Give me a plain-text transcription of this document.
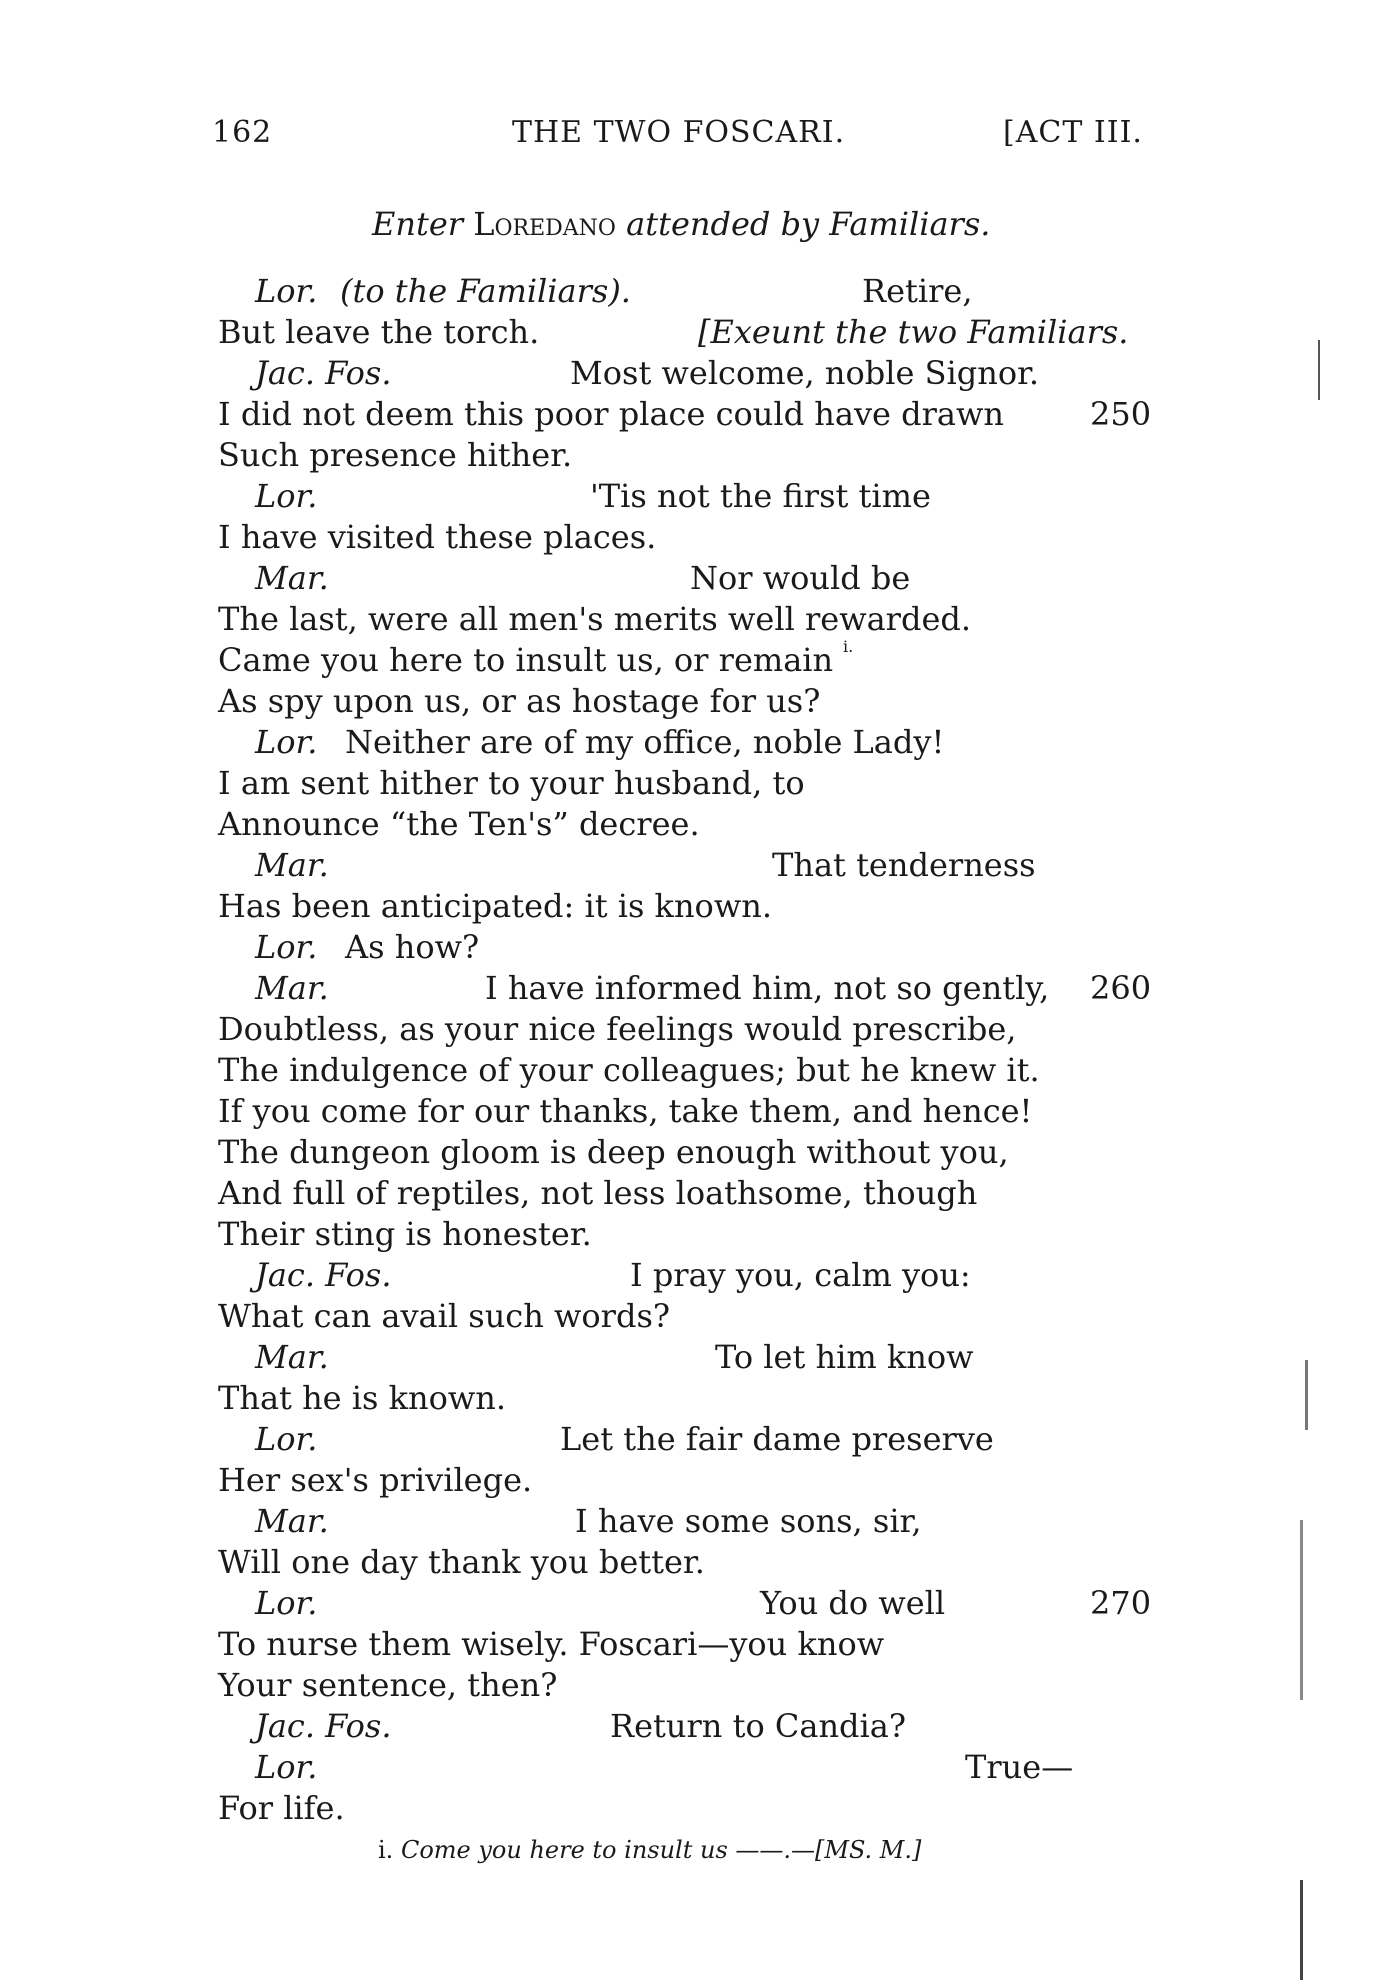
162	THE TWO FOSCARI.	[ACT III.
Enter Loredano attended by Familiars.
Lor. (to the Familiars).	Retire,
But leave the torch.	[Exeunt the two Familiars.
Jac. Fos.	Most welcome, noble Signor.
I did not deem this poor place could have drawn	250
Such presence hither.
Lor.	'Tis not the first time
I have visited these places.
Mar.	Nor would be
The last, were all men's merits well rewarded.
Came you here to insult us, or remain i.
As spy upon us, or as hostage for us?
Lor. Neither are of my office, noble Lady!
I am sent hither to your husband, to
Announce “the Ten's” decree.
Mar.	That tenderness
Has been anticipated: it is known.
Lor. As how?
Mar.	I have informed him, not so gently, 260
Doubtless, as your nice feelings would prescribe,
The indulgence of your colleagues; but he knew it.
If you come for our thanks, take them, and hence!
The dungeon gloom is deep enough without you,
And full of reptiles, not less loathsome, though
Their sting is honester.
Jac. Fos.	I pray you, calm you:
What can avail such words?
Mar.	To let him know
That he is known.
Lor.	Let the fair dame preserve
Her sex's privilege.
Mar.	I have some sons, sir,
Will one day thank you better.
Lor.	You do well	270
To nurse them wisely. Foscari—you know
Your sentence, then?
Jac. Fos.	Return to Candia?
Lor.	True—
For life.
i. Come you here to insult us ——.—[MS. M.]
